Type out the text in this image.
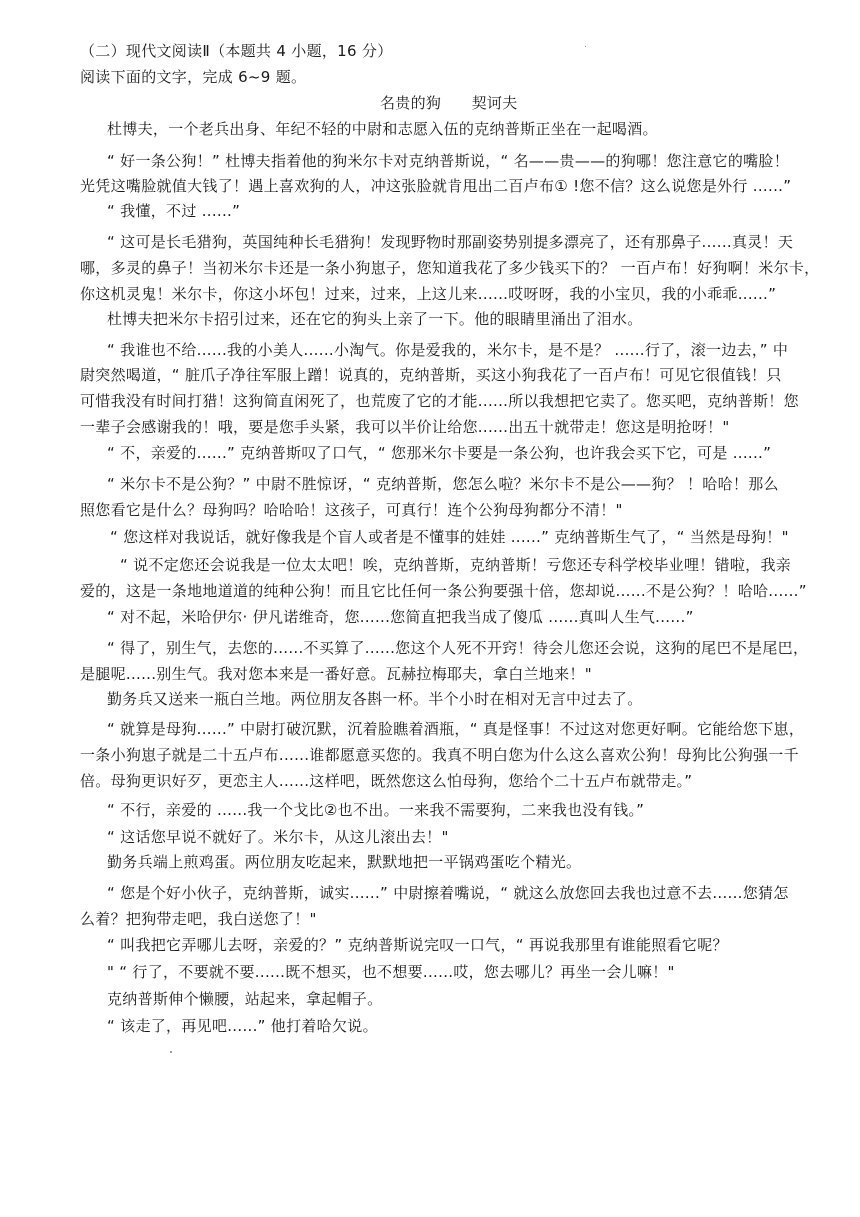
（二）现代文阅读Ⅱ（本题共 4 小题，16 分）
阅读下面的文字，完成 6~9 题。
名贵的狗      契诃夫
杜博夫，一个老兵出身、年纪不轻的中尉和志愿入伍的克纳普斯正坐在一起喝酒。
“ 好一条公狗！” 杜博夫指着他的狗米尔卡对克纳普斯说，“ 名——贵——的狗哪！您注意它的嘴脸！
光凭这嘴脸就值大钱了！遇上喜欢狗的人，冲这张脸就肯甩出二百卢布① !您不信？这么说您是外行 ......”
“ 我懂，不过 ......”
“ 这可是长毛猎狗，英国纯种长毛猎狗！发现野物时那副姿势别提多漂亮了，还有那鼻子......真灵！天
哪，多灵的鼻子！当初米尔卡还是一条小狗崽子，您知道我花了多少钱买下的？ 一百卢布！好狗啊！米尔卡，
你这机灵鬼！米尔卡，你这小坏包！过来，过来，上这儿来......哎呀呀，我的小宝贝，我的小乖乖......”
杜博夫把米尔卡招引过来，还在它的狗头上亲了一下。他的眼睛里涌出了泪水。
“ 我谁也不给......我的小美人......小淘气。你是爱我的，米尔卡，是不是？ ......行了，滚一边去，” 中
尉突然喝道，“ 脏爪子净往军服上蹭！说真的，克纳普斯，买这小狗我花了一百卢布！可见它很值钱！只
可惜我没有时间打猎！这狗简直闲死了，也荒废了它的才能......所以我想把它卖了。您买吧，克纳普斯！您
一辈子会感谢我的！哦，要是您手头紧，我可以半价让给您......出五十就带走！您这是明抢呀！"
“ 不，亲爱的......” 克纳普斯叹了口气，“ 您那米尔卡要是一条公狗，也许我会买下它，可是 ......”
“ 米尔卡不是公狗？” 中尉不胜惊讶，“ 克纳普斯，您怎么啦？米尔卡不是公——狗？ ！哈哈！那么
照您看它是什么？母狗吗？哈哈哈！这孩子，可真行！连个公狗母狗都分不清！"
“ 您这样对我说话，就好像我是个盲人或者是不懂事的娃娃 ......” 克纳普斯生气了，“ 当然是母狗！"
“ 说不定您还会说我是一位太太吧！唉，克纳普斯，克纳普斯！亏您还专科学校毕业哩！错啦，我亲
爱的，这是一条地地道道的纯种公狗！而且它比任何一条公狗要强十倍，您却说......不是公狗？！哈哈......”
“ 对不起，米哈伊尔· 伊凡诺维奇，您......您简直把我当成了傻瓜 ......真叫人生气......”
“ 得了，别生气，去您的......不买算了......您这个人死不开窍！待会儿您还会说，这狗的尾巴不是尾巴，
是腿呢......别生气。我对您本来是一番好意。瓦赫拉梅耶夫，拿白兰地来！"
勤务兵又送来一瓶白兰地。两位朋友各斟一杯。半个小时在相对无言中过去了。
“ 就算是母狗......” 中尉打破沉默，沉着脸瞧着酒瓶，“ 真是怪事！不过这对您更好啊。它能给您下崽，
一条小狗崽子就是二十五卢布......谁都愿意买您的。我真不明白您为什么这么喜欢公狗！母狗比公狗强一千
倍。母狗更识好歹，更恋主人......这样吧，既然您这么怕母狗，您给个二十五卢布就带走。”
“ 不行，亲爱的 ......我一个戈比②也不出。一来我不需要狗，二来我也没有钱。”
“ 这话您早说不就好了。米尔卡，从这儿滚出去！"
勤务兵端上煎鸡蛋。两位朋友吃起来，默默地把一平锅鸡蛋吃个精光。
“ 您是个好小伙子，克纳普斯，诚实......” 中尉擦着嘴说，“ 就这么放您回去我也过意不去......您猜怎
么着？把狗带走吧，我白送您了！"
“ 叫我把它弄哪儿去呀，亲爱的？” 克纳普斯说完叹一口气，“ 再说我那里有谁能照看它呢？
" “ 行了，不要就不要......既不想买，也不想要......哎，您去哪儿？再坐一会儿嘛！"
克纳普斯伸个懒腰，站起来，拿起帽子。
“ 该走了，再见吧......” 他打着哈欠说。
